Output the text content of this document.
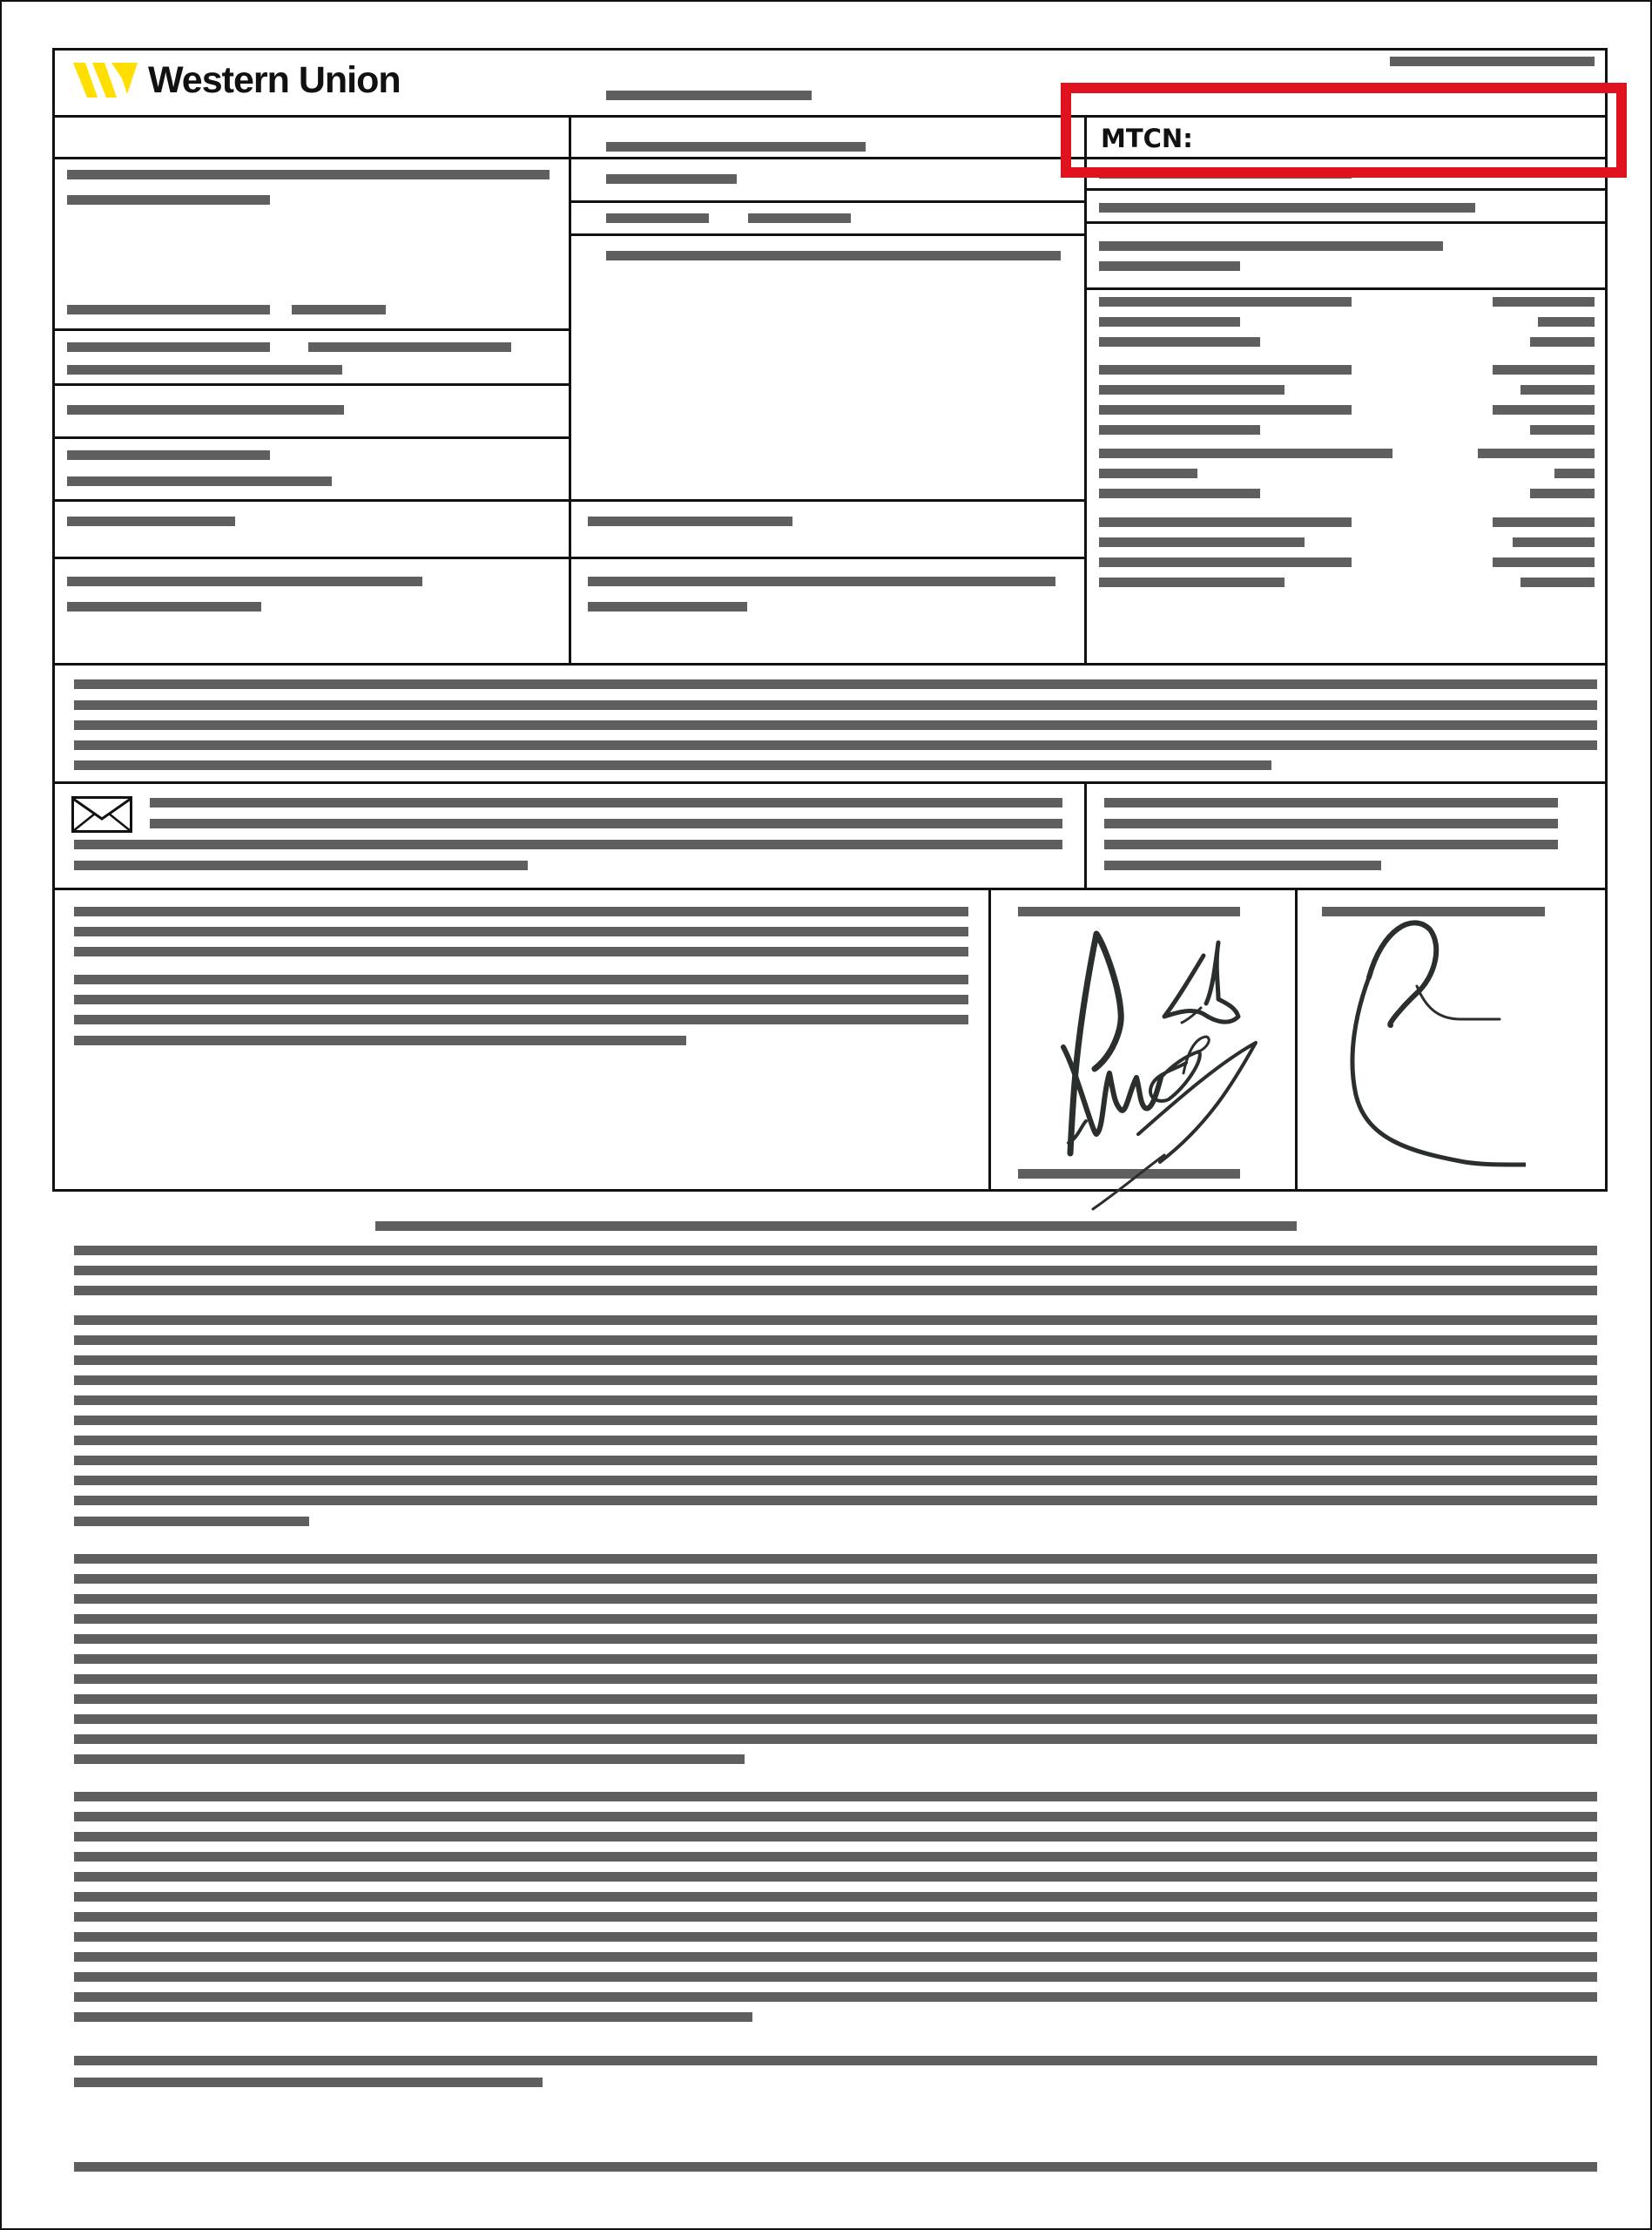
Western Union
MTCN:
